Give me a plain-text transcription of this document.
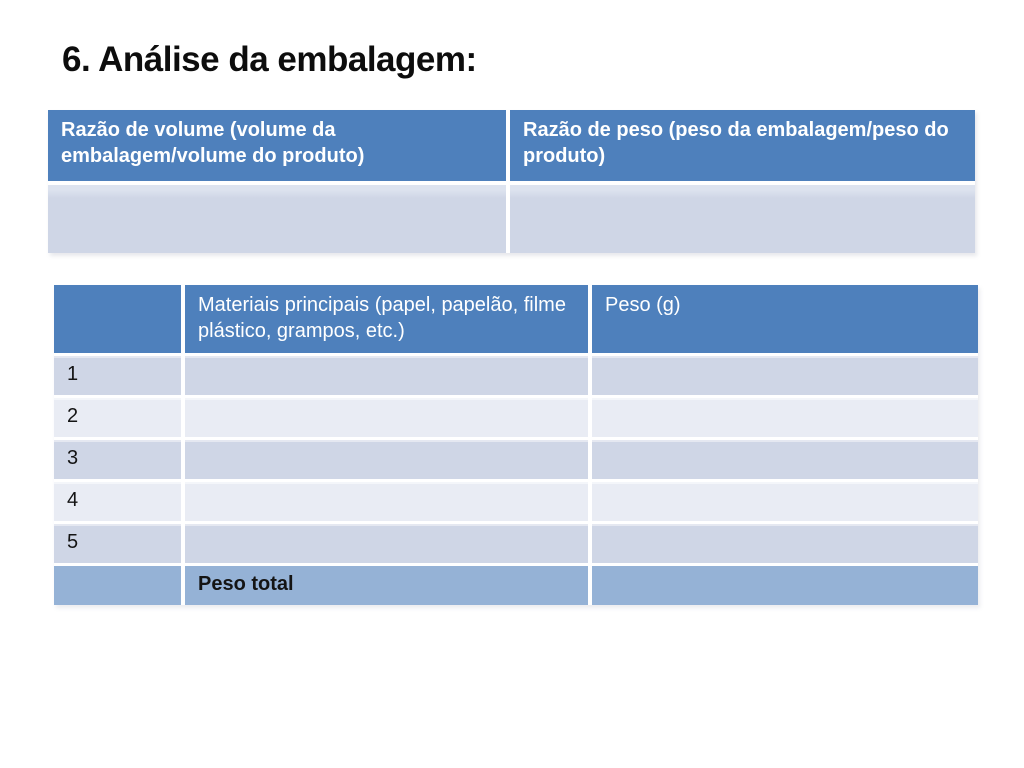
6. Análise da embalagem:
Razão de volume (volume da embalagem/volume do produto)
Razão de peso (peso da embalagem/peso do produto)
Materiais principais (papel, papelão, filme plástico, grampos, etc.)
Peso (g)
1
2
3
4
5
Peso total
